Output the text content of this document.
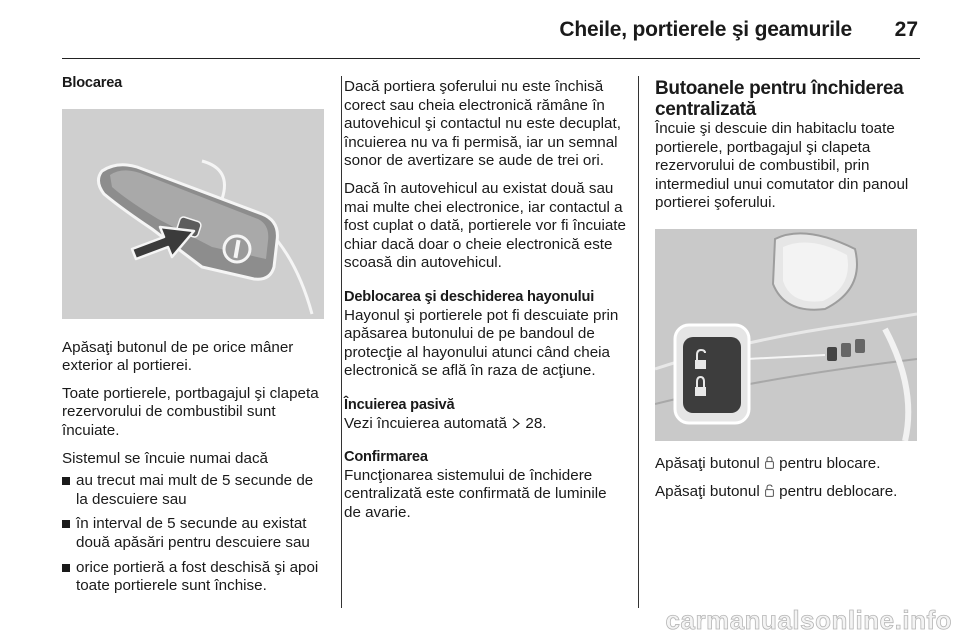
Cheile, portierele şi geamurile 27
Blocarea

Apăsaţi butonul de pe orice mâner exterior al portierei.

Toate portierele, portbagajul şi clapeta rezervorului de combustibil sunt încuiate.

Sistemul se încuie numai dacă

au trecut mai mult de 5 secunde de la descuiere sau
în interval de 5 secunde au existat două apăsări pentru descuiere sau
orice portieră a fost deschisă şi apoi toate portierele sunt închise.

Dacă portiera şoferului nu este închisă corect sau cheia electronică rămâne în autovehicul şi contactul nu este decuplat, încuierea nu va fi permisă, iar un semnal sonor de avertizare se aude de trei ori.

Dacă în autovehicul au existat două sau mai multe chei electronice, iar contactul a fost cuplat o dată, portierele vor fi încuiate chiar dacă doar o cheie electronică este scoasă din autovehicul.

Deblocarea şi deschiderea hayonului

Hayonul şi portierele pot fi descuiate prin apăsarea butonului de pe bandoul de protecţie al hayonului atunci când cheia electronică se află în raza de acţiune.

Încuierea pasivă

Vezi încuierea automată  28.

Confirmarea

Funcţionarea sistemului de închidere centralizată este confirmată de luminile de avarie.

Butoanele pentru închiderea centralizată

Încuie şi descuie din habitaclu toate portierele, portbagajul şi clapeta rezervorului de combustibil, prin intermediul unui comutator din panoul portierei şoferului.

Apăsaţi butonul  pentru blocare.

Apăsaţi butonul  pentru deblocare.

carmanualsonline.info
